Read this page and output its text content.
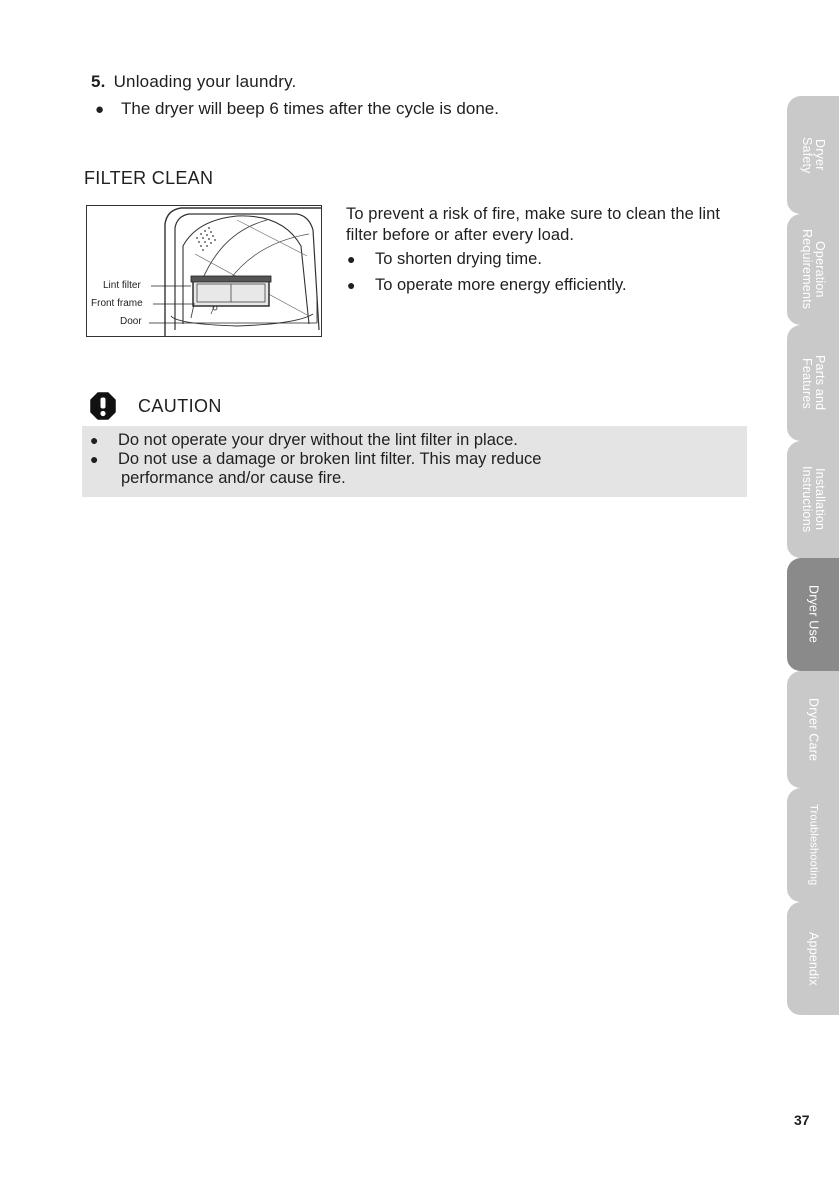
5. Unloading your laundry.
● The dryer will beep 6 times after the cycle is done.
FILTER CLEAN
Lint filter
Front frame
Door
To prevent a risk of fire, make sure to clean the lint filter before or after every load.
● To shorten drying time.
● To operate more energy efficiently.
CAUTION
● Do not operate your dryer without the lint filter in place.
● Do not use a damage or broken lint filter. This may reduce
performance and/or cause fire.
Dryer
Safety
Operation
Requirements
Parts and
Features
Installation
Instructions
Dryer Use
Dryer Care
Troubleshooting
Appendix
37
